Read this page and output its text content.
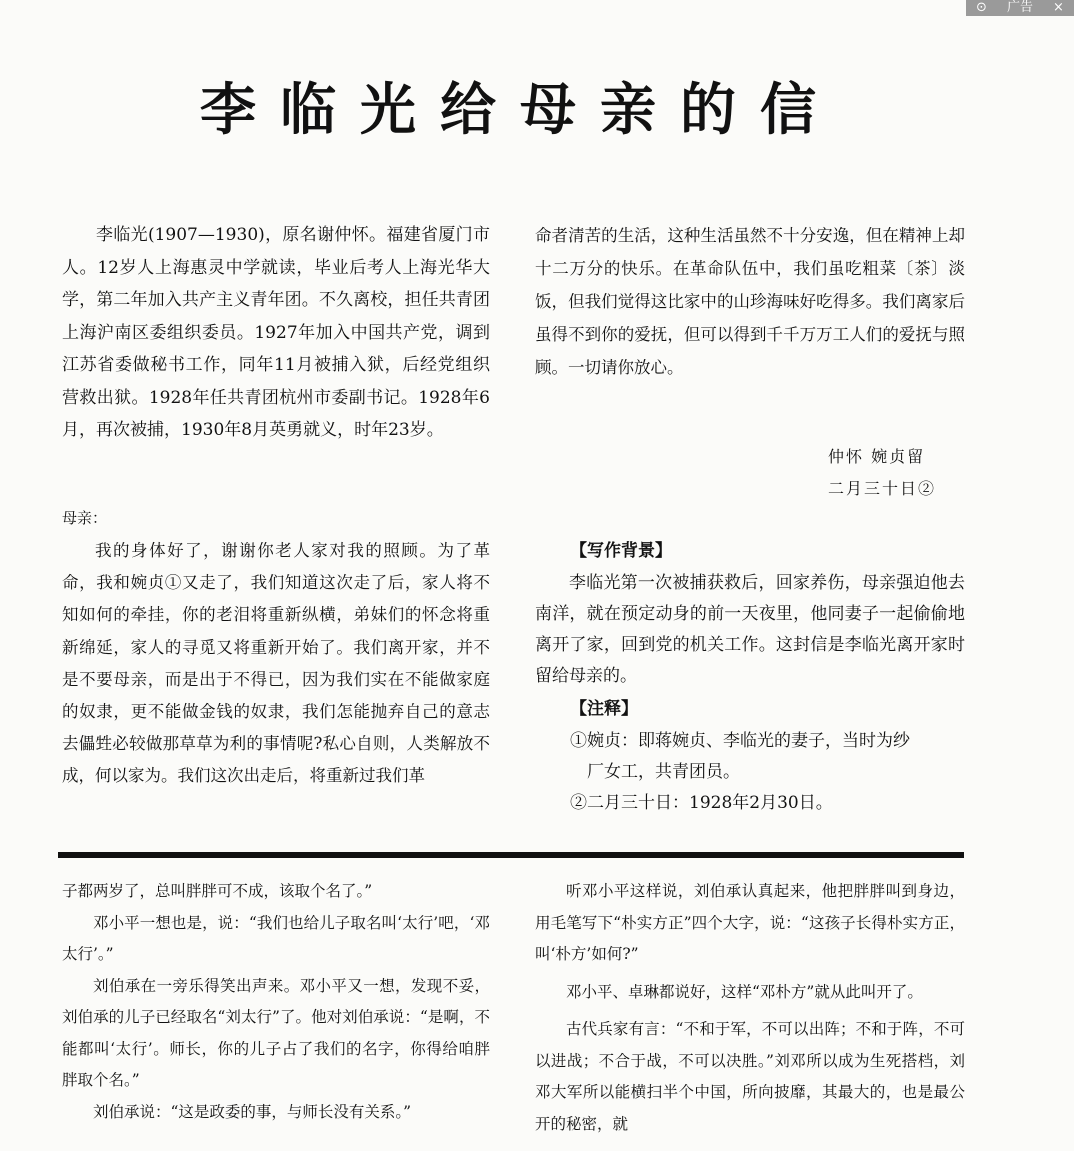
⊙ 广告 ×
李临光给母亲的信

李临光(1907—1930)，原名谢仲怀。福建省厦门市人。12岁人上海惠灵中学就读，毕业后考人上海光华大学，第二年加入共产主义青年团。不久离校，担任共青团上海沪南区委组织委员。1927年加入中国共产党，调到江苏省委做秘书工作，同年11月被捕入狱，后经党组织营救出狱。1928年任共青团杭州市委副书记。1928年6月，再次被捕，1930年8月英勇就义，时年23岁。

母亲：

我的身体好了，谢谢你老人家对我的照顾。为了革命，我和婉贞①又走了，我们知道这次走了后，家人将不知如何的牵挂，你的老泪将重新纵横，弟妹们的怀念将重新绵延，家人的寻觅又将重新开始了。我们离开家，并不是不要母亲，而是出于不得已，因为我们实在不能做家庭的奴隶，更不能做金钱的奴隶，我们怎能抛弃自己的意志去儡甡必较做那草草为利的事情呢?私心自则，人类解放不成，何以家为。我们这次出走后，将重新过我们革

命者清苦的生活，这种生活虽然不十分安逸，但在精神上却十二万分的快乐。在革命队伍中，我们虽吃粗菜〔茶〕淡饭，但我们觉得这比家中的山珍海味好吃得多。我们离家后虽得不到你的爱抚，但可以得到千千万万工人们的爱抚与照顾。一切请你放心。

仲怀 婉贞留
二月三十日②
【写作背景】

李临光第一次被捕获救后，回家养伤，母亲强迫他去南洋，就在预定动身的前一天夜里，他同妻子一起偷偷地离开了家，回到党的机关工作。这封信是李临光离开家时留给母亲的。

【注释】
①婉贞：即蒋婉贞、李临光的妻子，当时为纱
厂女工，共青团员。
②二月三十日：1928年2月30日。

子都两岁了，总叫胖胖可不成，该取个名了。”

邓小平一想也是，说：“我们也给儿子取名叫‘太行’吧，‘邓太行’。”

刘伯承在一旁乐得笑出声来。邓小平又一想，发现不妥，刘伯承的儿子已经取名“刘太行”了。他对刘伯承说：“是啊，不能都叫‘太行’。师长，你的儿子占了我们的名字，你得给咱胖胖取个名。”

刘伯承说：“这是政委的事，与师长没有关系。”

听邓小平这样说，刘伯承认真起来，他把胖胖叫到身边，用毛笔写下“朴实方正”四个大字，说：“这孩子长得朴实方正，叫‘朴方’如何?”

邓小平、卓琳都说好，这样“邓朴方”就从此叫开了。

古代兵家有言：“不和于军，不可以出阵；不和于阵，不可以进战；不合于战，不可以决胜。”刘邓所以成为生死搭档，刘邓大军所以能横扫半个中国，所向披靡，其最大的，也是最公开的秘密，就
